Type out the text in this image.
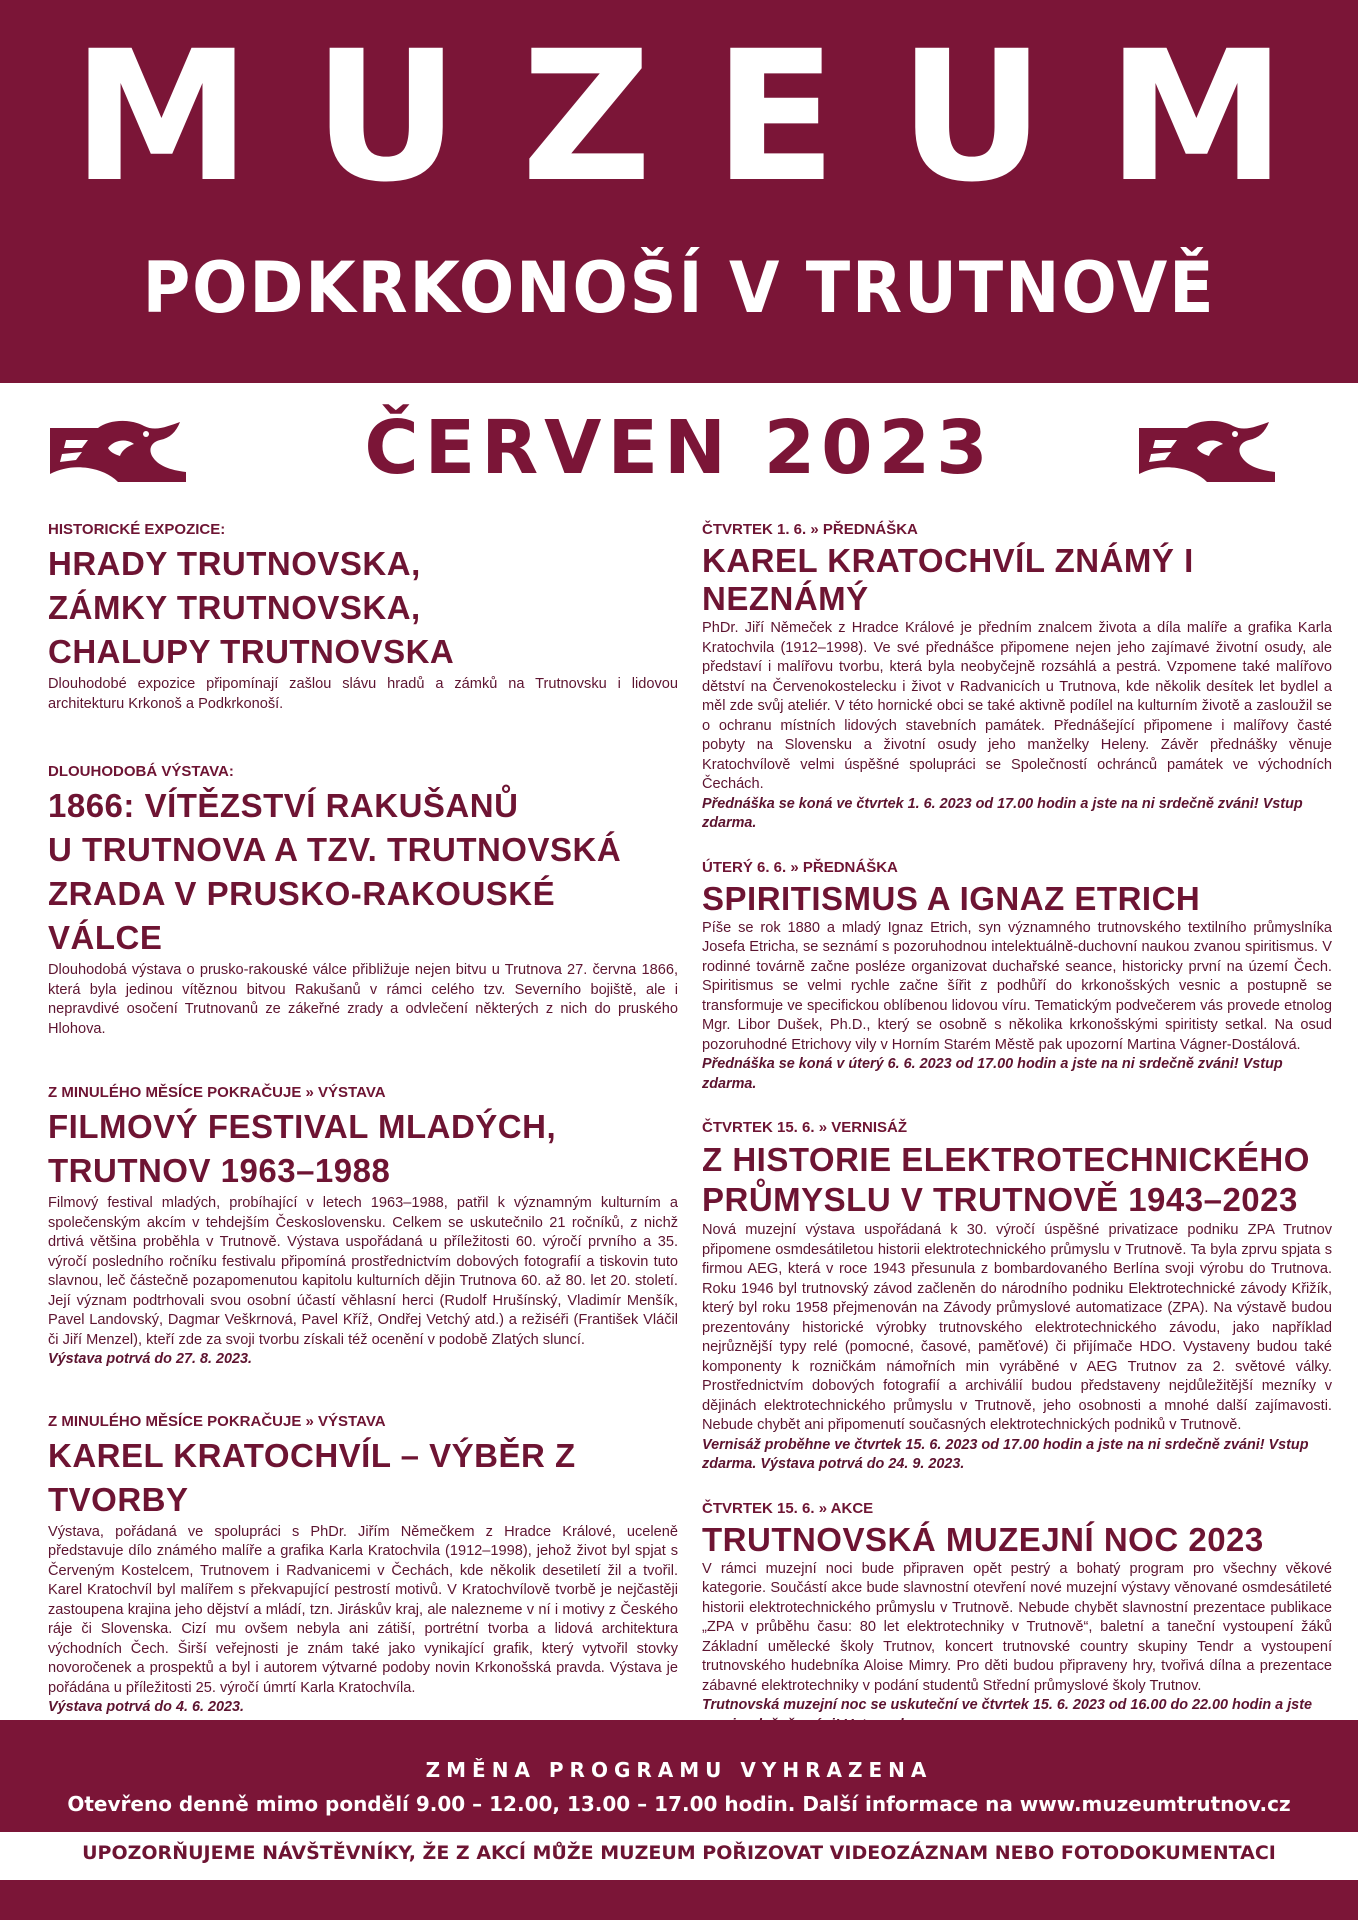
MUZEUM
PODKRKONOŠÍ V TRUTNOVĚ
ČERVEN 2023
HISTORICKÉ EXPOZICE:
HRADY TRUTNOVSKA,
ZÁMKY TRUTNOVSKA,
CHALUPY TRUTNOVSKA
Dlouhodobé expozice připomínají zašlou slávu hradů a zámků na Trutnovsku i lidovou architekturu Krkonoš a Podkrkonoší.
DLOUHODOBÁ VÝSTAVA:
1866: VÍTĚZSTVÍ RAKUŠANŮ
U TRUTNOVA A TZV. TRUTNOVSKÁ
ZRADA V PRUSKO-RAKOUSKÉ VÁLCE
Dlouhodobá výstava o prusko-rakouské válce přibližuje nejen bitvu u Trutnova 27. června 1866, která byla jedinou vítěznou bitvou Rakušanů v rámci celého tzv. Severního bojiště, ale i nepravdivé osočení Trutnovanů ze zákeřné zrady a odvlečení některých z nich do pruského Hlohova.
Z MINULÉHO MĚSÍCE POKRAČUJE » VÝSTAVA
FILMOVÝ FESTIVAL MLADÝCH,
TRUTNOV 1963–1988
Filmový festival mladých, probíhající v letech 1963–1988, patřil k významným kulturním a společenským akcím v tehdejším Československu. Celkem se uskutečnilo 21 ročníků, z nichž drtivá většina proběhla v Trutnově. Výstava uspořádaná u příležitosti 60. výročí prvního a 35. výročí posledního ročníku festivalu připomíná prostřednictvím dobových fotografií a tiskovin tuto slavnou, leč částečně pozapomenutou kapitolu kulturních dějin Trutnova 60. až 80. let 20. století. Její význam podtrhovali svou osobní účastí věhlasní herci (Rudolf Hrušínský, Vladimír Menšík, Pavel Landovský, Dagmar Veškrnová, Pavel Kříž, Ondřej Vetchý atd.) a režiséři (František Vláčil či Jiří Menzel), kteří zde za svoji tvorbu získali též ocenění v podobě Zlatých sluncí.
Výstava potrvá do 27. 8. 2023.
Z MINULÉHO MĚSÍCE POKRAČUJE » VÝSTAVA
KAREL KRATOCHVÍL – VÝBĚR Z TVORBY
Výstava, pořádaná ve spolupráci s PhDr. Jiřím Němečkem z Hradce Králové, uceleně představuje dílo známého malíře a grafika Karla Kratochvila (1912–1998), jehož život byl spjat s Červeným Kostelcem, Trutnovem i Radvanicemi v Čechách, kde několik desetiletí žil a tvořil. Karel Kratochvíl byl malířem s překvapující pestrostí motivů. V Kratochvílově tvorbě je nejčastěji zastoupena krajina jeho dějství a mládí, tzn. Jiráskův kraj, ale nalezneme v ní i motivy z Českého ráje či Slovenska. Cizí mu ovšem nebyla ani zátiší, portrétní tvorba a lidová architektura východních Čech. Širší veřejnosti je znám také jako vynikající grafik, který vytvořil stovky novoročenek a prospektů a byl i autorem výtvarné podoby novin Krkonošská pravda. Výstava je pořádána u příležitosti 25. výročí úmrtí Karla Kratochvíla.
Výstava potrvá do 4. 6. 2023.
ČTVRTEK 1. 6. » PŘEDNÁŠKA
KAREL KRATOCHVÍL ZNÁMÝ I NEZNÁMÝ
PhDr. Jiří Němeček z Hradce Králové je předním znalcem života a díla malíře a grafika Karla Kratochvila (1912–1998). Ve své přednášce připomene nejen jeho zajímavé životní osudy, ale představí i malířovu tvorbu, která byla neobyčejně rozsáhlá a pestrá. Vzpomene také malířovo dětství na Červenokostelecku i život v Radvanicích u Trutnova, kde několik desítek let bydlel a měl zde svůj ateliér. V této hornické obci se také aktivně podílel na kulturním životě a zasloužil se o ochranu místních lidových stavebních památek. Přednášející připomene i malířovy časté pobyty na Slovensku a životní osudy jeho manželky Heleny. Závěr přednášky věnuje Kratochvílově velmi úspěšné spolupráci se Společností ochránců památek ve východních Čechách.
Přednáška se koná ve čtvrtek 1. 6. 2023 od 17.00 hodin a jste na ni srdečně zváni! Vstup zdarma.
ÚTERÝ 6. 6. » PŘEDNÁŠKA
SPIRITISMUS A IGNAZ ETRICH
Píše se rok 1880 a mladý Ignaz Etrich, syn významného trutnovského textilního průmyslníka Josefa Etricha, se seznámí s pozoruhodnou intelektuálně-duchovní naukou zvanou spiritismus. V rodinné továrně začne posléze organizovat duchařské seance, historicky první na území Čech. Spiritismus se velmi rychle začne šířit z podhůří do krkonošských vesnic a postupně se transformuje ve specifickou oblíbenou lidovou víru. Tematickým podvečerem vás provede etnolog Mgr. Libor Dušek, Ph.D., který se osobně s několika krkonošskými spiritisty setkal. Na osud pozoruhodné Etrichovy vily v Horním Starém Městě pak upozorní Martina Vágner-Dostálová.
Přednáška se koná v úterý 6. 6. 2023 od 17.00 hodin a jste na ni srdečně zváni! Vstup zdarma.
ČTVRTEK 15. 6. » VERNISÁŽ
Z HISTORIE ELEKTROTECHNICKÉHO
PRŮMYSLU V TRUTNOVĚ 1943–2023
Nová muzejní výstava uspořádaná k 30. výročí úspěšné privatizace podniku ZPA Trutnov připomene osmdesátiletou historii elektrotechnického průmyslu v Trutnově. Ta byla zprvu spjata s firmou AEG, která v roce 1943 přesunula z bombardovaného Berlína svoji výrobu do Trutnova. Roku 1946 byl trutnovský závod začleněn do národního podniku Elektrotechnické závody Křižík, který byl roku 1958 přejmenován na Závody průmyslové automatizace (ZPA). Na výstavě budou prezentovány historické výrobky trutnovského elektrotechnického závodu, jako například nejrůznější typy relé (pomocné, časové, paměťové) či přijímače HDO. Vystaveny budou také komponenty k rozničkám námořních min vyráběné v AEG Trutnov za 2. světové války. Prostřednictvím dobových fotografií a archiválií budou představeny nejdůležitější mezníky v dějinách elektrotechnického průmyslu v Trutnově, jeho osobnosti a mnohé další zajímavosti. Nebude chybět ani připomenutí současných elektrotechnických podniků v Trutnově.
Vernisáž proběhne ve čtvrtek 15. 6. 2023 od 17.00 hodin a jste na ni srdečně zváni! Vstup zdarma. Výstava potrvá do 24. 9. 2023.
ČTVRTEK 15. 6. » AKCE
TRUTNOVSKÁ MUZEJNÍ NOC 2023
V rámci muzejní noci bude připraven opět pestrý a bohatý program pro všechny věkové kategorie. Součástí akce bude slavnostní otevření nové muzejní výstavy věnované osmdesátileté historii elektrotechnického průmyslu v Trutnově. Nebude chybět slavnostní prezentace publikace „ZPA v průběhu času: 80 let elektrotechniky v Trutnově“, baletní a taneční vystoupení žáků Základní umělecké školy Trutnov, koncert trutnovské country skupiny Tendr a vystoupení trutnovského hudebníka Aloise Mimry. Pro děti budou připraveny hry, tvořivá dílna a prezentace zábavné elektrotechniky v podání studentů Střední průmyslové školy Trutnov.
Trutnovská muzejní noc se uskuteční ve čtvrtek 15. 6. 2023 od 16.00 do 22.00 hodin a jste
ZMĚNA PROGRAMU VYHRAZENA
Otevřeno denně mimo pondělí 9.00 – 12.00, 13.00 – 17.00 hodin. Další informace na www.muzeumtrutnov.cz
UPOZORŇUJEME NÁVŠTĚVNÍKY, ŽE Z AKCÍ MŮŽE MUZEUM POŘIZOVAT VIDEOZÁZNAM NEBO FOTODOKUMENTACI
